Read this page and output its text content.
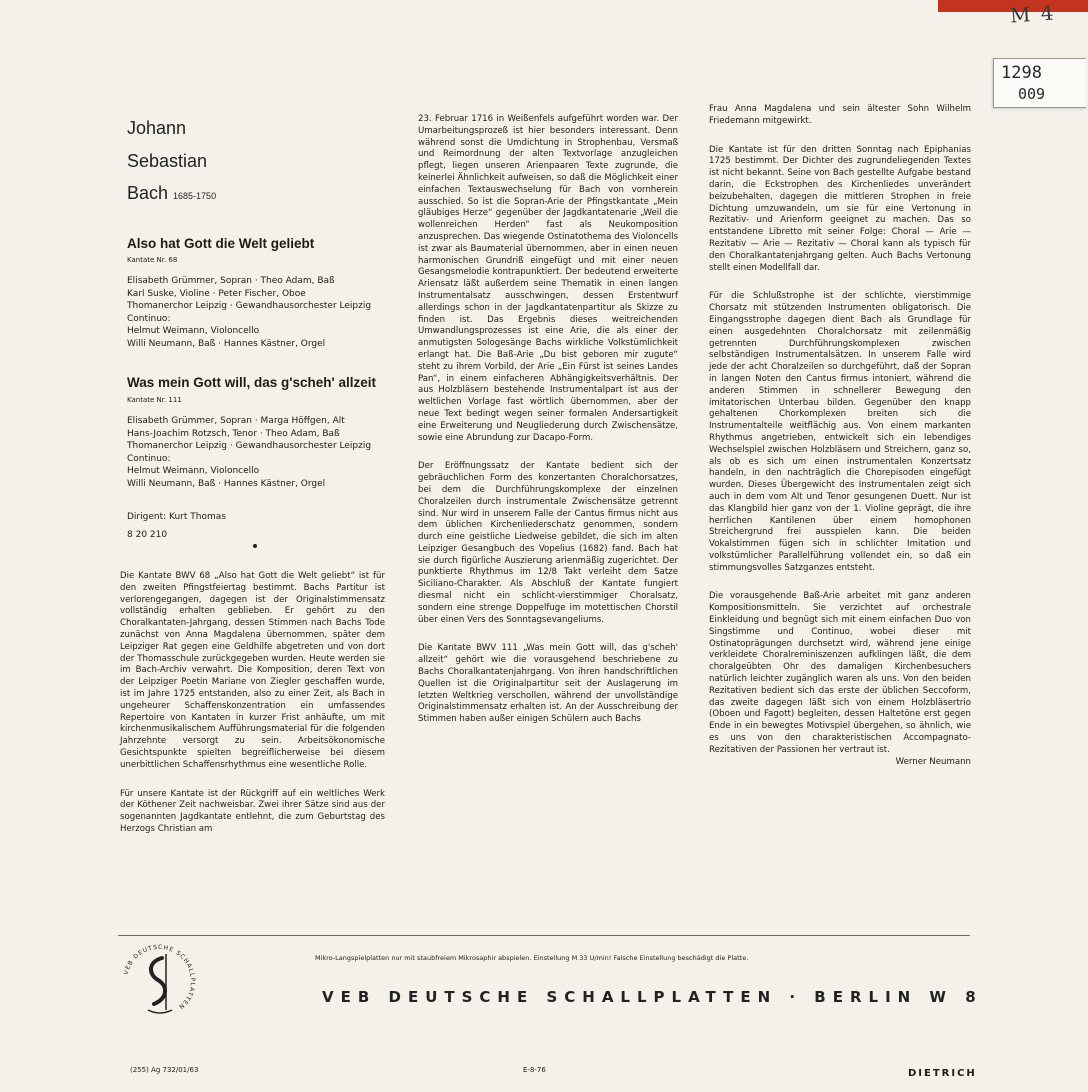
M 4
1298
009
Johann
Sebastian
Bach 1685-1750
Also hat Gott die Welt geliebt
Kantate Nr. 68
Elisabeth Grümmer, Sopran · Theo Adam, Baß
Karl Suske, Violine · Peter Fischer, Oboe
Thomanerchor Leipzig · Gewandhausorchester Leipzig
Continuo:
Helmut Weimann, Violoncello
Willi Neumann, Baß · Hannes Kästner, Orgel
Was mein Gott will, das g'scheh' allzeit
Kantate Nr. 111
Elisabeth Grümmer, Sopran · Marga Höffgen, Alt
Hans-Joachim Rotzsch, Tenor · Theo Adam, Baß
Thomanerchor Leipzig · Gewandhausorchester Leipzig
Continuo:
Helmut Weimann, Violoncello
Willi Neumann, Baß · Hannes Kästner, Orgel
Dirigent: Kurt Thomas
8 20 210

Die Kantate BWV 68 „Also hat Gott die Welt geliebt“ ist für den zweiten Pfingstfeiertag bestimmt. Bachs Partitur ist verlorengegangen, dagegen ist der Originalstimmensatz vollständig erhalten geblieben. Er gehört zu den Choralkantaten-Jahrgang, dessen Stimmen nach Bachs Tode zunächst von Anna Magdalena übernommen, später dem Leipziger Rat gegen eine Geldhilfe abgetreten und von dort der Thomasschule zurückgegeben wurden. Heute werden sie im Bach-Archiv verwahrt. Die Komposition, deren Text von der Leipziger Poetin Mariane von Ziegler geschaffen wurde, ist im Jahre 1725 entstanden, also zu einer Zeit, als Bach in ungeheurer Schaffenskonzentration ein umfassendes Repertoire von Kantaten in kurzer Frist anhäufte, um mit kirchenmusikalischem Aufführungsmaterial für die folgenden Jahrzehnte versorgt zu sein. Arbeitsökonomische Gesichtspunkte spielten begreiflicherweise bei diesem unerbittlichen Schaffensrhythmus eine wesentliche Rolle.

Für unsere Kantate ist der Rückgriff auf ein weltliches Werk der Köthener Zeit nachweisbar. Zwei ihrer Sätze sind aus der sogenannten Jagdkantate entlehnt, die zum Geburtstag des Herzogs Christian am

23. Februar 1716 in Weißenfels aufgeführt worden war. Der Umarbeitungsprozeß ist hier besonders interessant. Denn während sonst die Umdichtung in Strophenbau, Versmaß und Reimordnung der alten Textvorlage anzugleichen pflegt, liegen unseren Arienpaaren Texte zugrunde, die keinerlei Ähnlichkeit aufweisen, so daß die Möglichkeit einer einfachen Textauswechselung für Bach von vornherein ausschied. So ist die Sopran-Arie der Pfingstkantate „Mein gläubiges Herze“ gegenüber der Jagdkantatenarie „Weil die wollenreichen Herden“ fast als Neukomposition anzusprechen. Das wiegende Ostinatothema des Violoncells ist zwar als Baumaterial übernommen, aber in einen neuen harmonischen Grundriß eingefügt und mit einer neuen Gesangsmelodie kontrapunktiert. Der bedeutend erweiterte Ariensatz läßt außerdem seine Thematik in einen langen Instrumentalsatz ausschwingen, dessen Erstentwurf allerdings schon in der Jagdkantatenpartitur als Skizze zu finden ist. Das Ergebnis dieses weitreichenden Umwandlungsprozesses ist eine Arie, die als einer der anmutigsten Sologesänge Bachs wirkliche Volkstümlichkeit erlangt hat. Die Baß-Arie „Du bist geboren mir zugute“ steht zu ihrem Vorbild, der Arie „Ein Fürst ist seines Landes Pan“, in einem einfacheren Abhängigkeitsverhältnis. Der aus Holzbläsern bestehende Instrumentalpart ist aus der weltlichen Vorlage fast wörtlich übernommen, aber der neue Text bedingt wegen seiner formalen Andersartigkeit eine Erweiterung und Neugliederung durch Zwischensätze, sowie eine Abrundung zur Dacapo-Form.

Der Eröffnungssatz der Kantate bedient sich der gebräuchlichen Form des konzertanten Choralchorsatzes, bei dem die Durchführungskomplexe der einzelnen Choralzeilen durch instrumentale Zwischensätze getrennt sind. Nur wird in unserem Falle der Cantus firmus nicht aus dem üblichen Kirchenliederschatz genommen, sondern durch eine geistliche Liedweise gebildet, die sich im alten Leipziger Gesangbuch des Vopelius (1682) fand. Bach hat sie durch figürliche Auszierung arienmäßig zugerichtet. Der punktierte Rhythmus im 12/8 Takt verleiht dem Satze Siciliano-Charakter. Als Abschluß der Kantate fungiert diesmal nicht ein schlicht-vierstimmiger Choralsatz, sondern eine strenge Doppelfuge im motettischen Chorstil über einen Vers des Sonntagsevangeliums.

Die Kantate BWV 111 „Was mein Gott will, das g'scheh' allzeit“ gehört wie die vorausgehend beschriebene zu Bachs Choralkantatenjahrgang. Von ihren handschriftlichen Quellen ist die Originalpartitur seit der Auslagerung im letzten Weltkrieg verschollen, während der unvollständige Originalstimmensatz erhalten ist. An der Ausschreibung der Stimmen haben außer einigen Schülern auch Bachs

Frau Anna Magdalena und sein ältester Sohn Wilhelm Friedemann mitgewirkt.

Die Kantate ist für den dritten Sonntag nach Epiphanias 1725 bestimmt. Der Dichter des zugrundeliegenden Textes ist nicht bekannt. Seine von Bach gestellte Aufgabe bestand darin, die Eckstrophen des Kirchenliedes unverändert beizubehalten, dagegen die mittleren Strophen in freie Dichtung umzuwandeln, um sie für eine Vertonung in Rezitativ- und Arienform geeignet zu machen. Das so entstandene Libretto mit seiner Folge: Choral — Arie — Rezitativ — Arie — Rezitativ — Choral kann als typisch für den Choralkantatenjahrgang gelten. Auch Bachs Vertonung stellt einen Modellfall dar.

Für die Schlußstrophe ist der schlichte, vierstimmige Chorsatz mit stützenden Instrumenten obligatorisch. Die Eingangsstrophe dagegen dient Bach als Grundlage für einen ausgedehnten Choralchorsatz mit zeilenmäßig getrennten Durchführungskomplexen zwischen selbständigen Instrumentalsätzen. In unserem Falle wird jede der acht Choralzeilen so durchgeführt, daß der Sopran in langen Noten den Cantus firmus intoniert, während die anderen Stimmen in schnellerer Bewegung den imitatorischen Unterbau bilden. Gegenüber den knapp gehaltenen Chorkomplexen breiten sich die Instrumentalteile weitflächig aus. Von einem markanten Rhythmus angetrieben, entwickelt sich ein lebendiges Wechselspiel zwischen Holzbläsern und Streichern, ganz so, als ob es sich um einen instrumentalen Konzertsatz handeln, in den nachträglich die Chorepisoden eingefügt wurden. Dieses Übergewicht des Instrumentalen zeigt sich auch in dem vom Alt und Tenor gesungenen Duett. Nur ist das Klangbild hier ganz von der 1. Violine geprägt, die ihre herrlichen Kantilenen über einem homophonen Streichergrund frei ausspielen kann. Die beiden Vokalstimmen fügen sich in schlichter Imitation und volkstümlicher Parallelführung vollendet ein, so daß ein stimmungsvolles Satzganzes entsteht.

Die vorausgehende Baß-Arie arbeitet mit ganz anderen Kompositionsmitteln. Sie verzichtet auf orchestrale Einkleidung und begnügt sich mit einem einfachen Duo von Singstimme und Continuo, wobei dieser mit Ostinatoprägungen durchsetzt wird, während jene einige verkleidete Choralreminiszenzen aufklingen läßt, die dem choralgeübten Ohr des damaligen Kirchenbesuchers natürlich leichter zugänglich waren als uns. Von den beiden Rezitativen bedient sich das erste der üblichen Seccoform, das zweite dagegen läßt sich von einem Holzbläsertrio (Oboen und Fagott) begleiten, dessen Haltetöne erst gegen Ende in ein bewegtes Motivspiel übergehen, so ähnlich, wie es uns von den charakteristischen Accompagnato-Rezitativen der Passionen her vertraut ist.

Werner Neumann
VEB DEUTSCHE SCHALLPLATTEN
Mikro-Langspielplatten nur mit staubfreiem Mikrosaphir abspielen. Einstellung M 33 U/min! Falsche Einstellung beschädigt die Platte.
VEB DEUTSCHE SCHALLPLATTEN · BERLIN W 8
(255) Ag 732/01/63	E-8-76	DIETRICH
